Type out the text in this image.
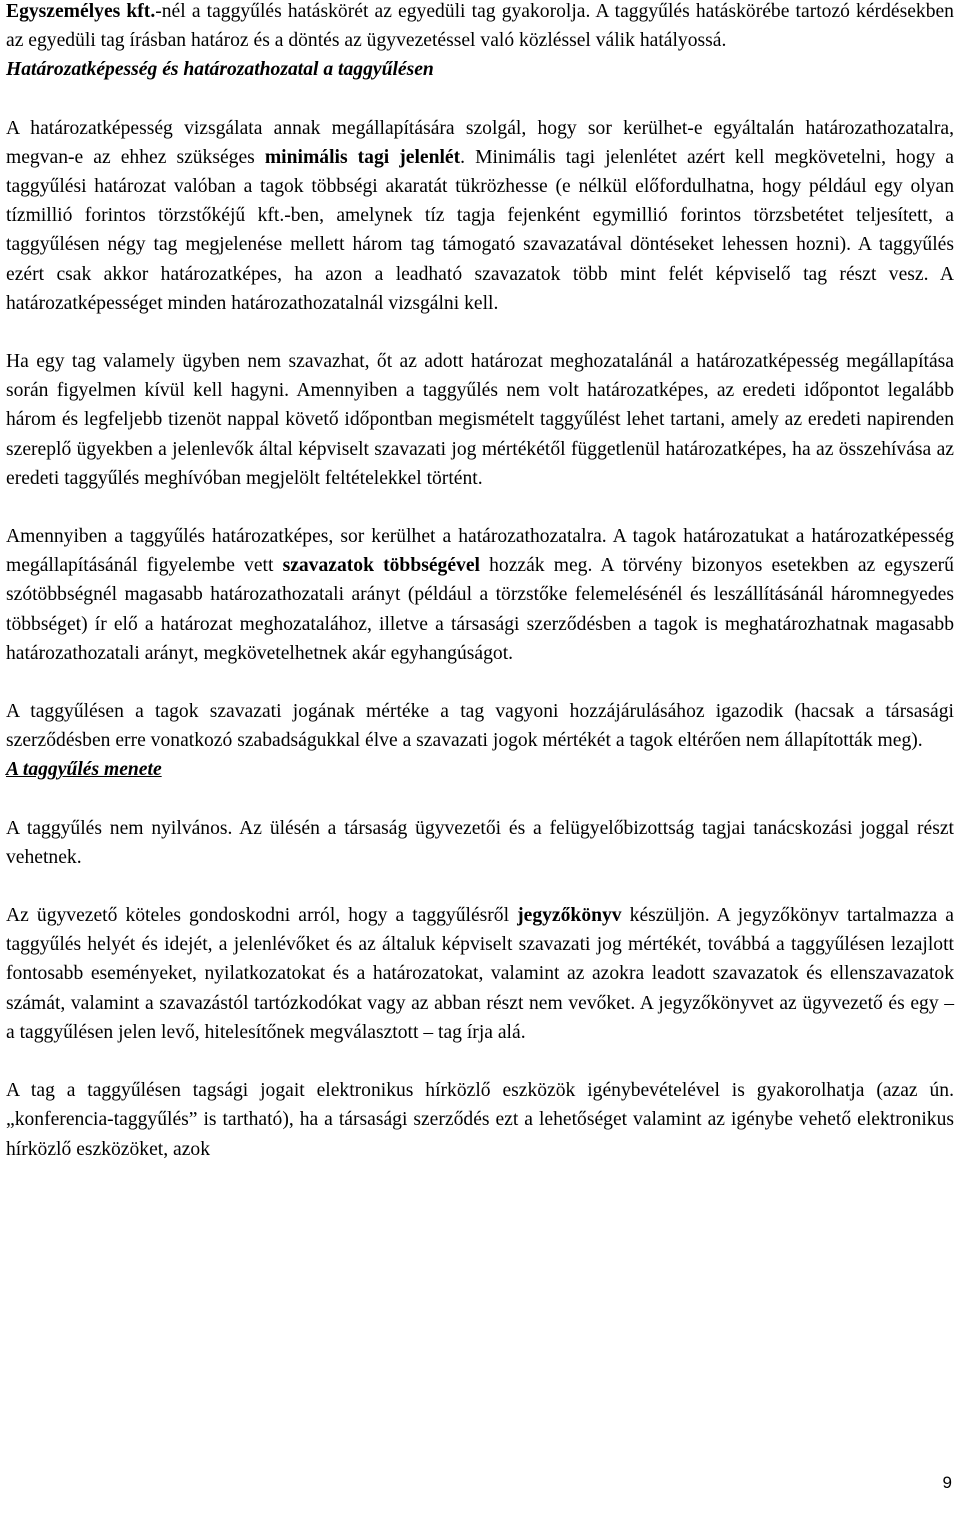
Egyszemélyes kft.-nél a taggyűlés hatáskörét az egyedüli tag gyakorolja. A taggyűlés hatáskörébe tartozó kérdésekben az egyedüli tag írásban határoz és a döntés az ügyvezetéssel való közléssel válik hatályossá.

Határozatképesség és határozathozatal a taggyűlésen

A határozatképesség vizsgálata annak megállapítására szolgál, hogy sor kerülhet-e egyáltalán határozathozatalra, megvan-e az ehhez szükséges minimális tagi jelenlét. Minimális tagi jelenlétet azért kell megkövetelni, hogy a taggyűlési határozat valóban a tagok többségi akaratát tükrözhesse (e nélkül előfordulhatna, hogy például egy olyan tízmillió forintos törzstőkéjű kft.-ben, amelynek tíz tagja fejenként egymillió forintos törzsbetétet teljesített, a taggyűlésen négy tag megjelenése mellett három tag támogató szavazatával döntéseket lehessen hozni). A taggyűlés ezért csak akkor határozatképes, ha azon a leadható szavazatok több mint felét képviselő tag részt vesz. A határozatképességet minden határozathozatalnál vizsgálni kell.

Ha egy tag valamely ügyben nem szavazhat, őt az adott határozat meghozatalánál a határozatképesség megállapítása során figyelmen kívül kell hagyni. Amennyiben a taggyűlés nem volt határozatképes, az eredeti időpontot legalább három és legfeljebb tizenöt nappal követő időpontban megismételt taggyűlést lehet tartani, amely az eredeti napirenden szereplő ügyekben a jelenlevők által képviselt szavazati jog mértékétől függetlenül határozatképes, ha az összehívása az eredeti taggyűlés meghívóban megjelölt feltételekkel történt.

Amennyiben a taggyűlés határozatképes, sor kerülhet a határozathozatalra. A tagok határozatukat a határozatképesség megállapításánál figyelembe vett szavazatok többségével hozzák meg. A törvény bizonyos esetekben az egyszerű szótöbbségnél magasabb határozathozatali arányt (például a törzstőke felemelésénél és leszállításánál háromnegyedes többséget) ír elő a határozat meghozatalához, illetve a társasági szerződésben a tagok is meghatározhatnak magasabb határozathozatali arányt, megkövetelhetnek akár egyhangúságot.

A taggyűlésen a tagok szavazati jogának mértéke a tag vagyoni hozzájárulásához igazodik (hacsak a társasági szerződésben erre vonatkozó szabadságukkal élve a szavazati jogok mértékét a tagok eltérően nem állapították meg).

A taggyűlés menete

A taggyűlés nem nyilvános. Az ülésén a társaság ügyvezetői és a felügyelőbizottság tagjai tanácskozási joggal részt vehetnek.

Az ügyvezető köteles gondoskodni arról, hogy a taggyűlésről jegyzőkönyv készüljön. A jegyzőkönyv tartalmazza a taggyűlés helyét és idejét, a jelenlévőket és az általuk képviselt szavazati jog mértékét, továbbá a taggyűlésen lezajlott fontosabb eseményeket, nyilatkozatokat és a határozatokat, valamint az azokra leadott szavazatok és ellenszavazatok számát, valamint a szavazástól tartózkodókat vagy az abban részt nem vevőket. A jegyzőkönyvet az ügyvezető és egy – a taggyűlésen jelen levő, hitelesítőnek megválasztott – tag írja alá.

A tag a taggyűlésen tagsági jogait elektronikus hírközlő eszközök igénybevételével is gyakorolhatja (azaz ún. „konferencia-taggyűlés” is tartható), ha a társasági szerződés ezt a lehetőséget valamint az igénybe vehető elektronikus hírközlő eszközöket, azok

9
